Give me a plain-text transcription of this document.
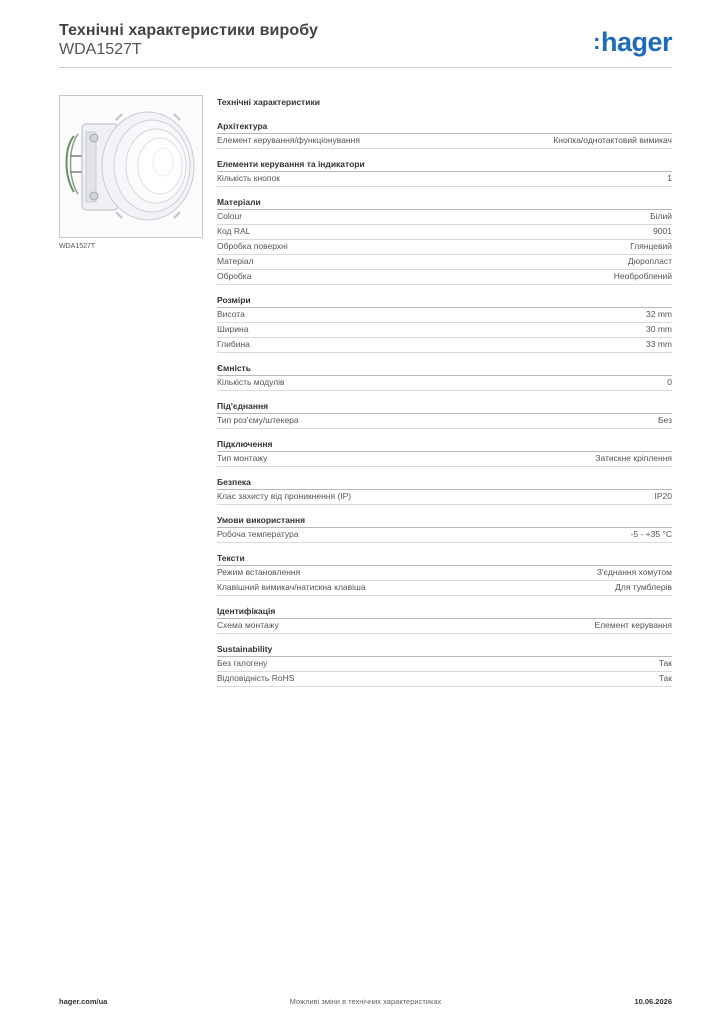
Технічні характеристики виробу
WDA1527T	:hager
WDA1527T
Технічні характеристики
Архітектура
Елемент керування/функціонування	Кнопка/однотактовий вимикач
Елементи керування та індикатори
Кількість кнопок	1
Матеріали
Colour	Білий
Код RAL	9001
Обробка поверхні	Глянцевий
Матеріал	Дюропласт
Обробка	Необроблений
Розміри
Висота	32 mm
Ширина	30 mm
Глибина	33 mm
Ємність
Кількість модулів	0
Під'єднання
Тип роз'єму/штекера	Без
Підключення
Тип монтажу	Затискне кріплення
Безпека
Клас захисту від проникнення (IP)	IP20
Умови використання
Робоча температура	-5 - +35 °C
Тексти
Режим встановлення	З'єднання хомутом
Клавішний вимикач/натискна клавіша	Для тумблерів
Ідентифікація
Схема монтажу	Елемент керування
Sustainability
Без галогену	Так
Відповідність RoHS	Так
hager.com/ua	Можливі зміни в технічних характеристиках	10.06.2026
